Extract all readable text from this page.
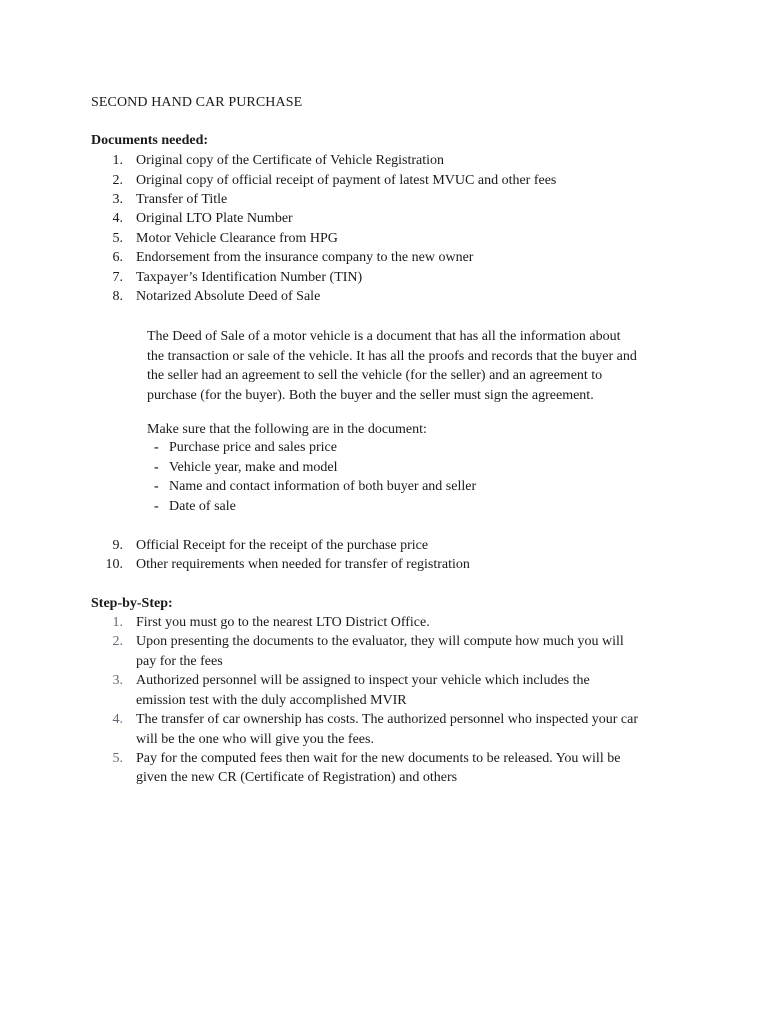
SECOND HAND CAR PURCHASE
Documents needed:
1. Original copy of the Certificate of Vehicle Registration
2. Original copy of official receipt of payment of latest MVUC and other fees
3. Transfer of Title
4. Original LTO Plate Number
5. Motor Vehicle Clearance from HPG
6. Endorsement from the insurance company to the new owner
7. Taxpayer’s Identification Number (TIN)
8. Notarized Absolute Deed of Sale
The Deed of Sale of a motor vehicle is a document that has all the information about
the transaction or sale of the vehicle. It has all the proofs and records that the buyer and
the seller had an agreement to sell the vehicle (for the seller) and an agreement to
purchase (for the buyer). Both the buyer and the seller must sign the agreement.
Make sure that the following are in the document:
- Purchase price and sales price
- Vehicle year, make and model
- Name and contact information of both buyer and seller
- Date of sale
9. Official Receipt for the receipt of the purchase price
10. Other requirements when needed for transfer of registration
Step-by-Step:
1. First you must go to the nearest LTO District Office.
2. Upon presenting the documents to the evaluator, they will compute how much you will
pay for the fees
3. Authorized personnel will be assigned to inspect your vehicle which includes the
emission test with the duly accomplished MVIR
4. The transfer of car ownership has costs. The authorized personnel who inspected your car
will be the one who will give you the fees.
5. Pay for the computed fees then wait for the new documents to be released. You will be
given the new CR (Certificate of Registration) and others
